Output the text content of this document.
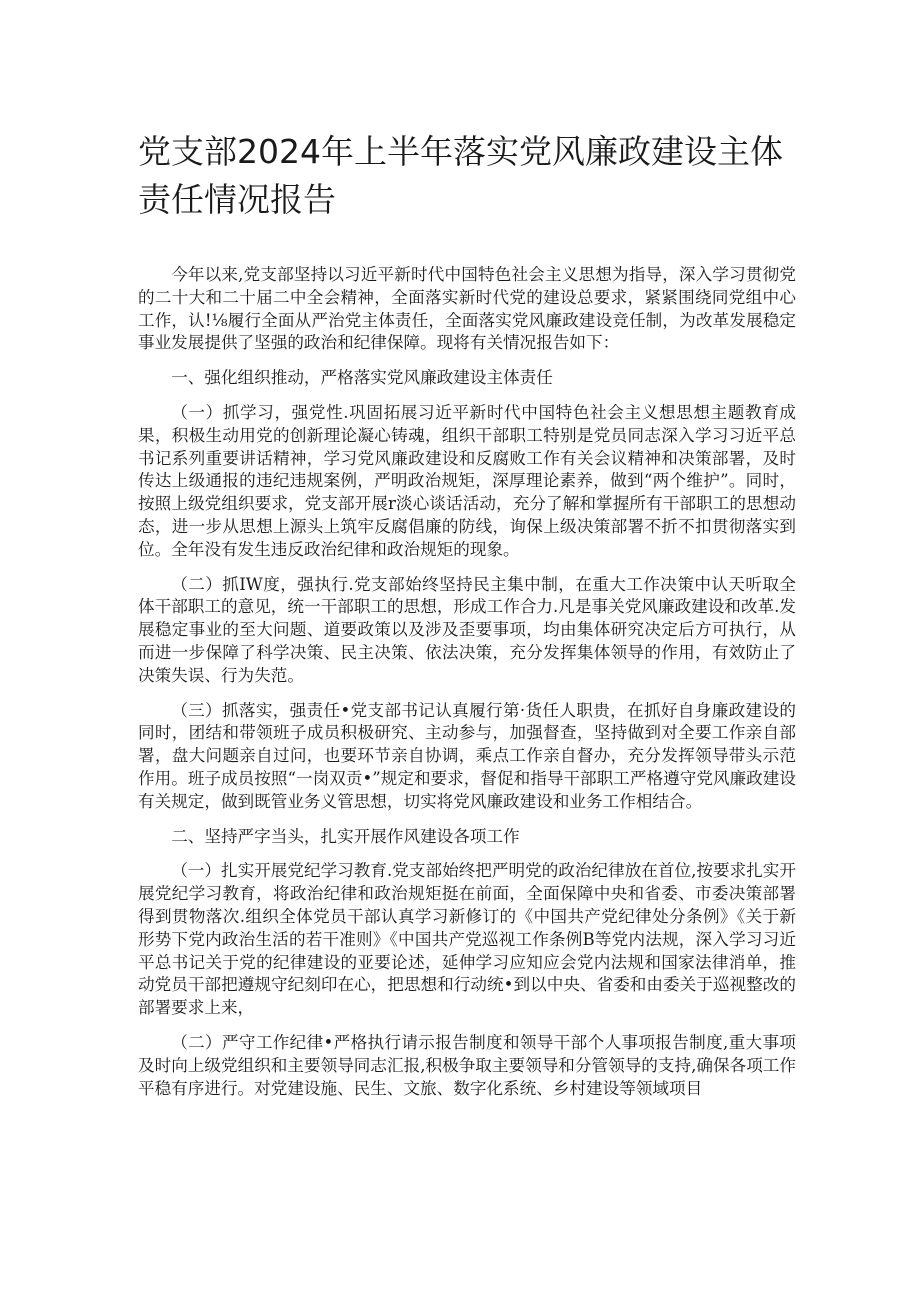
党支部2024年上半年落实党风廉政建设主体责任情况报告

今年以来,党支部坚持以习近平新时代中国特色社会主义思想为指导，深入学习贯彻党的二十大和二十届二中全会精神，全面落实新时代党的建设总要求，紧紧围绕同党组中心工作，认!⅛履行全面从严治党主体责任，全面落实党风廉政建设竞任制，为改革发展稳定事业发展提供了坚强的政治和纪律保障。现将有关情况报告如下：

一、强化组织推动，严格落实党风廉政建设主体责任

（一）抓学习，强党性.巩固拓展习近平新时代中国特色社会主义想思想主题教育成果，积极生动用党的创新理论凝心铸魂，组织干部职工特别是党员同志深入学习习近平总书记系列重要讲话精神，学习党风廉政建设和反腐败工作有关会议精神和决策部署，及时传达上级通报的违纪违规案例，严明政治规矩，深厚理论素养，做到“两个维护”。同时，按照上级党组织要求，党支部开展r淡心谈话活动，充分了解和掌握所有干部职工的思想动态，进一步从思想上源头上筑牢反腐倡廉的防线，询保上级决策部署不折不扣贯彻落实到位。全年没有发生违反政治纪律和政治规矩的现象。

（二）抓IW度，强执行.党支部始终坚持民主集中制，在重大工作决策中认天听取全体干部职工的意见，统一干部职工的思想，形成工作合力.凡是事关党风廉政建设和改革.发展稳定事业的至大问题、道要政策以及涉及歪要事项，均由集体研究决定后方可执行，从而进一步保障了科学决策、民主决策、依法决策，充分发挥集体领导的作用，有效防止了决策失误、行为失范。

（三）抓落实，强责任•党支部书记认真履行第·货任人职贵，在抓好自身廉政建设的同时，团结和带领班子成员积极研究、主动参与，加强督查，坚持做到对全要工作亲自部署，盘大问题亲自过问，也要环节亲自协调，乘点工作亲自督办，充分发挥领导带头示范作用。班子成员按照“一岗双贡•”规定和要求，督促和指导干部职工严格遵守党风廉政建设有关规定，做到既管业务义管思想，切实将党风廉政建设和业务工作相结合。

二、坚持严字当头，扎实开展作风建设各项工作

（一）扎实开展党纪学习教育.党支部始终把严明党的政治纪律放在首位,按要求扎实开展党纪学习教育，将政治纪律和政治规矩挺在前面，全面保障中央和省委、市委决策部署得到贯物落次.组织全体党员干部认真学习新修订的《中国共产党纪律处分条例》《关于新形势下党内政治生活的若干准则》《中国共产党巡视工作条例B等党内法规，深入学习习近平总书记关于党的纪律建设的亚要论述，延伸学习应知应会党内法规和国家法律消单，推动党员干部把遵规守纪刻印在心，把思想和行动统•到以中央、省委和由委关于巡视整改的部署要求上来，

（二）严守工作纪律•严格执行请示报告制度和领导干部个人事项报告制度,重大事项及时向上级党组织和主要领导同志汇报,积极争取主要领导和分管领导的支持,确保各项工作平稳有序进行。对党建设施、民生、文旅、数字化系统、乡村建设等领域项目
